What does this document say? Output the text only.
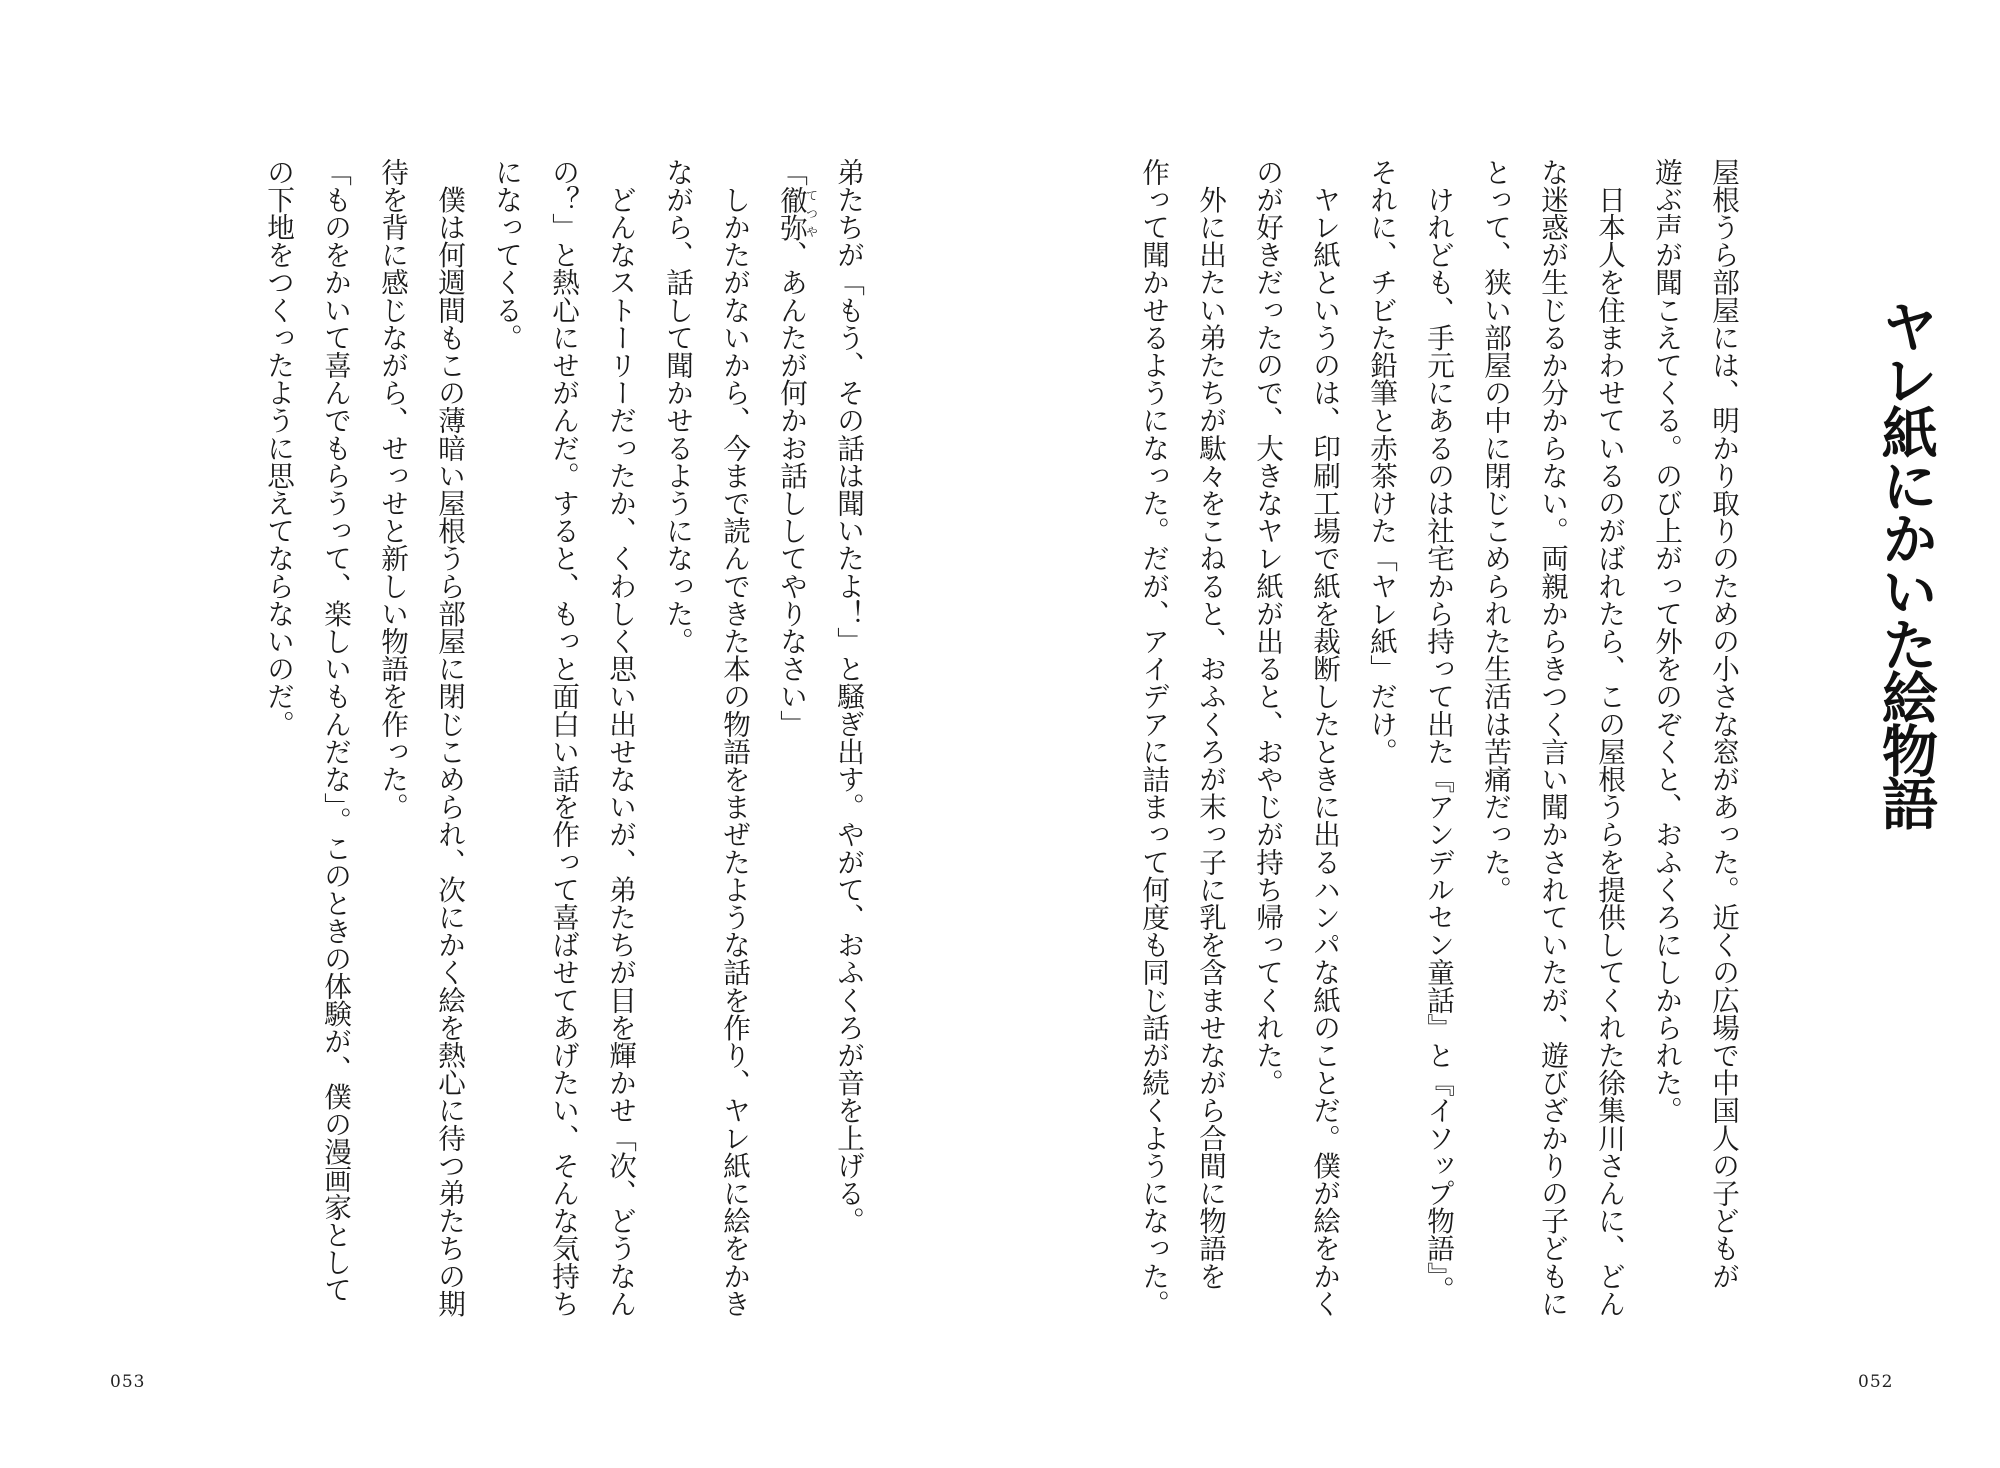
ヤレ紙にかいた絵物語
屋根うら部屋には、明かり取りのための小さな窓があった。近くの広場で中国人の子どもが
遊ぶ声が聞こえてくる。のび上がって外をのぞくと、おふくろにしかられた。
　日本人を住まわせているのがばれたら、この屋根うらを提供してくれた徐集川さんに、どん
な迷惑が生じるか分からない。両親からきつく言い聞かされていたが、遊びざかりの子どもに
とって、狭い部屋の中に閉じこめられた生活は苦痛だった。
　けれども、手元にあるのは社宅から持って出た『アンデルセン童話』と『イソップ物語』。
それに、チビた鉛筆と赤茶けた「ヤレ紙」だけ。
　ヤレ紙というのは、印刷工場で紙を裁断したときに出るハンパな紙のことだ。僕が絵をかく
のが好きだったので、大きなヤレ紙が出ると、おやじが持ち帰ってくれた。
　外に出たい弟たちが駄々をこねると、おふくろが末っ子に乳を含ませながら合間に物語を
作って聞かせるようになった。だが、アイデアに詰まって何度も同じ話が続くようになった。
弟たちが「もう、その話は聞いたよ！」と騒ぎ出す。やがて、おふくろが音を上げる。
「徹弥てつや、あんたが何かお話ししてやりなさい」
　しかたがないから、今まで読んできた本の物語をまぜたような話を作り、ヤレ紙に絵をかき
ながら、話して聞かせるようになった。
　どんなストーリーだったか、くわしく思い出せないが、弟たちが目を輝かせ「次、どうなん
の？」と熱心にせがんだ。すると、もっと面白い話を作って喜ばせてあげたい、そんな気持ち
になってくる。
　僕は何週間もこの薄暗い屋根うら部屋に閉じこめられ、次にかく絵を熱心に待つ弟たちの期
待を背に感じながら、せっせと新しい物語を作った。
「ものをかいて喜んでもらうって、楽しいもんだな」。このときの体験が、僕の漫画家として
の下地をつくったように思えてならないのだ。
052
053
